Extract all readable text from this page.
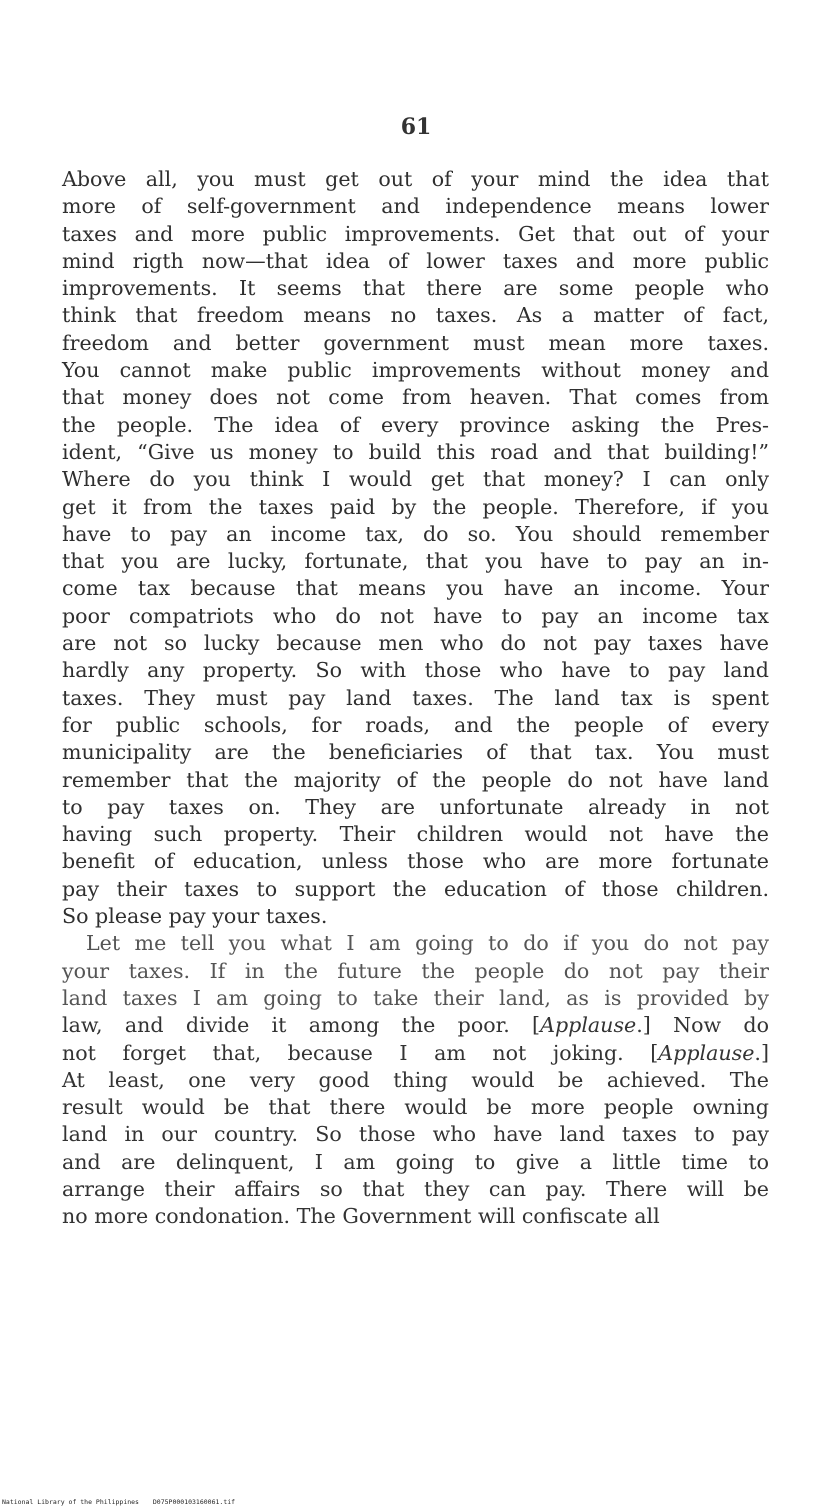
61
Above all, you must get out of your mind the idea that
more of self-government and independence means lower
taxes and more public improvements. Get that out of your
mind rigth now—that idea of lower taxes and more public
improvements. It seems that there are some people who
think that freedom means no taxes. As a matter of fact,
freedom and better government must mean more taxes.
You cannot make public improvements without money and
that money does not come from heaven. That comes from
the people. The idea of every province asking the Pres-
ident, “Give us money to build this road and that building!”
Where do you think I would get that money? I can only
get it from the taxes paid by the people. Therefore, if you
have to pay an income tax, do so. You should remember
that you are lucky, fortunate, that you have to pay an in-
come tax because that means you have an income. Your
poor compatriots who do not have to pay an income tax
are not so lucky because men who do not pay taxes have
hardly any property. So with those who have to pay land
taxes. They must pay land taxes. The land tax is spent
for public schools, for roads, and the people of every
municipality are the beneficiaries of that tax. You must
remember that the majority of the people do not have land
to pay taxes on. They are unfortunate already in not
having such property. Their children would not have the
benefit of education, unless those who are more fortunate
pay their taxes to support the education of those children.
So please pay your taxes.
Let me tell you what I am going to do if you do not pay
your taxes. If in the future the people do not pay their
land taxes I am going to take their land, as is provided by
law, and divide it among the poor. [Applause.] Now do
not forget that, because I am not joking. [Applause.]
At least, one very good thing would be achieved. The
result would be that there would be more people owning
land in our country. So those who have land taxes to pay
and are delinquent, I am going to give a little time to
arrange their affairs so that they can pay. There will be
no more condonation. The Government will confiscate all
National Library of the Philippines D075P000103160061.tif
